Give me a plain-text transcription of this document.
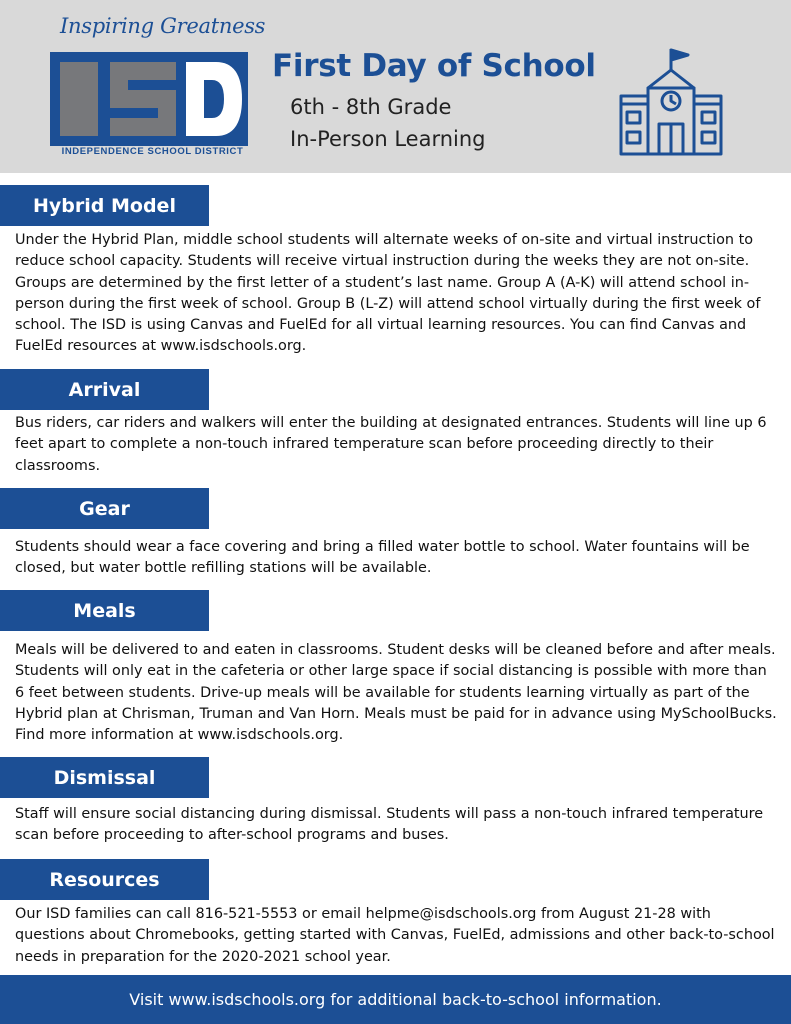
Inspiring Greatness
INDEPENDENCE SCHOOL DISTRICT
First Day of School

6th - 8th Grade

In-Person Learning

Hybrid Model

Under the Hybrid Plan, middle school students will alternate weeks of on-site and virtual instruction to reduce school capacity. Students will receive virtual instruction during the weeks they are not on-site. Groups are determined by the first letter of a student’s last name. Group A (A-K) will attend school in-person during the first week of school. Group B (L-Z) will attend school virtually during the first week of school. The ISD is using Canvas and FuelEd for all virtual learning resources. You can find Canvas and FuelEd resources at www.isdschools.org.

Arrival

Bus riders, car riders and walkers will enter the building at designated entrances. Students will line up 6 feet apart to complete a non-touch infrared temperature scan before proceeding directly to their classrooms.

Gear

Students should wear a face covering and bring a filled water bottle to school. Water fountains will be closed, but water bottle refilling stations will be available.

Meals

Meals will be delivered to and eaten in classrooms. Student desks will be cleaned before and after meals. Students will only eat in the cafeteria or other large space if social distancing is possible with more than 6 feet between students. Drive-up meals will be available for students learning virtually as part of the Hybrid plan at Chrisman, Truman and Van Horn. Meals must be paid for in advance using MySchoolBucks. Find more information at www.isdschools.org.

Dismissal

Staff will ensure social distancing during dismissal. Students will pass a non-touch infrared temperature scan before proceeding to after-school programs and buses.

Resources

Our ISD families can call 816-521-5553 or email helpme@isdschools.org from August 21-28 with questions about Chromebooks, getting started with Canvas, FuelEd, admissions and other back-to-school needs in preparation for the 2020-2021 school year.

Visit www.isdschools.org for additional back-to-school information.
